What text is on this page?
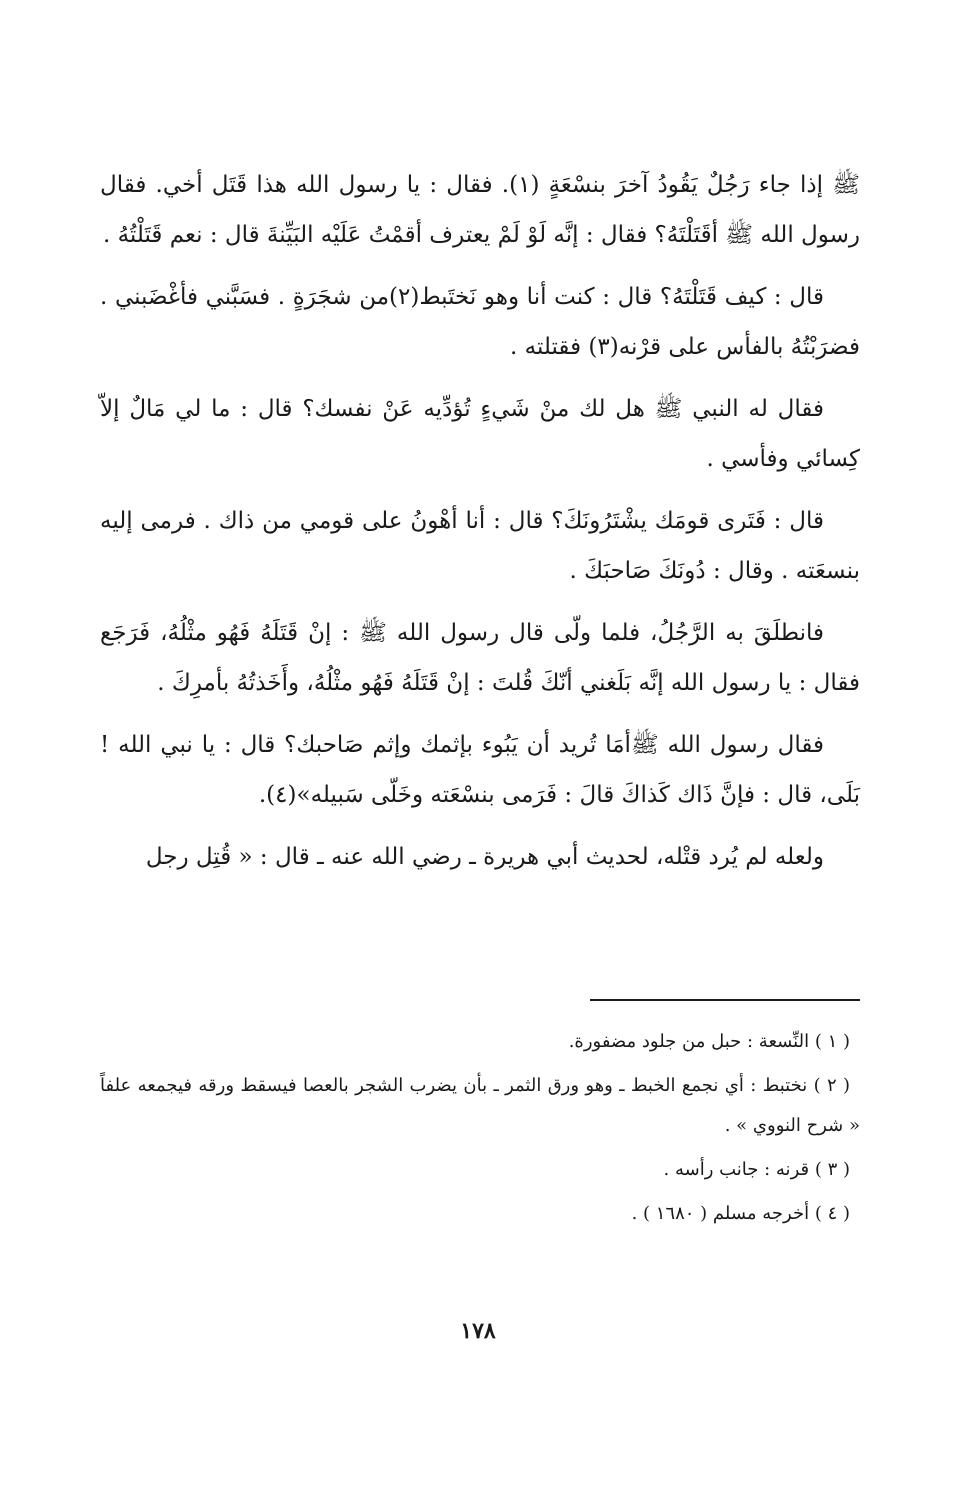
ﷺ إذا جاء رَجُلٌ يَقُودُ آخرَ بنسْعَةٍ (١). فقال : يا رسول الله هذا قَتَل أخي. فقال رسول الله ﷺ أقَتَلْتَهُ؟ فقال : إنَّه لَوْ لَمْ يعترف أقمْتُ عَلَيْه البَيِّنةَ قال : نعم قَتَلْتُهُ .

قال : كيف قَتَلْتَهُ؟ قال : كنت أنا وهو نَختَبط(٢)من شجَرَةٍ . فسَبَّني فأغْضَبني . فضرَبْتُهُ بالفأس على قرْنه(٣) فقتلته .

فقال له النبي ﷺ هل لك منْ شَيءٍ تُؤدِّيه عَنْ نفسك؟ قال : ما لي مَالٌ إلاّ كِسائي وفأسي .

قال : فَتَرى قومَك يشْتَرُونَكَ؟ قال : أنا أهْونُ على قومي من ذاك . فرمى إليه بنسعَته . وقال : دُونَكَ صَاحبَكَ .

فانطلَقَ به الرَّجُلُ، فلما ولّى قال رسول الله ﷺ : إنْ قَتَلَهُ فَهُو مثْلُهُ، فَرَجَع فقال : يا رسول الله إنَّه بَلَغني أنّكَ قُلتَ : إنْ قَتَلَهُ فَهُو مثْلُهُ، وأَخَذتُهُ بأمرِكَ .

فقال رسول الله ﷺأمَا تُريد أن يَبُوء بإثمك وإثم صَاحبك؟ قال : يا نبي الله ! بَلَى، قال : فإنَّ ذَاك كَذاكَ قالَ : فَرَمى بنسْعَته وخَلّى سَبيله»(٤).

ولعله لم يُرد قتْله، لحديث أبي هريرة ـ رضي الله عنه ـ قال : « قُتِل رجل

( ١ ) النِّسعة : حبل من جلود مضفورة.

( ٢ ) نختبط : أي نجمع الخبط ـ وهو ورق الثمر ـ بأن يضرب الشجر بالعصا فيسقط ورقه فيجمعه علفاً « شرح النووي » .

( ٣ ) قرنه : جانب رأسه .

( ٤ ) أخرجه مسلم ( ١٦٨٠ ) .

١٧٨
